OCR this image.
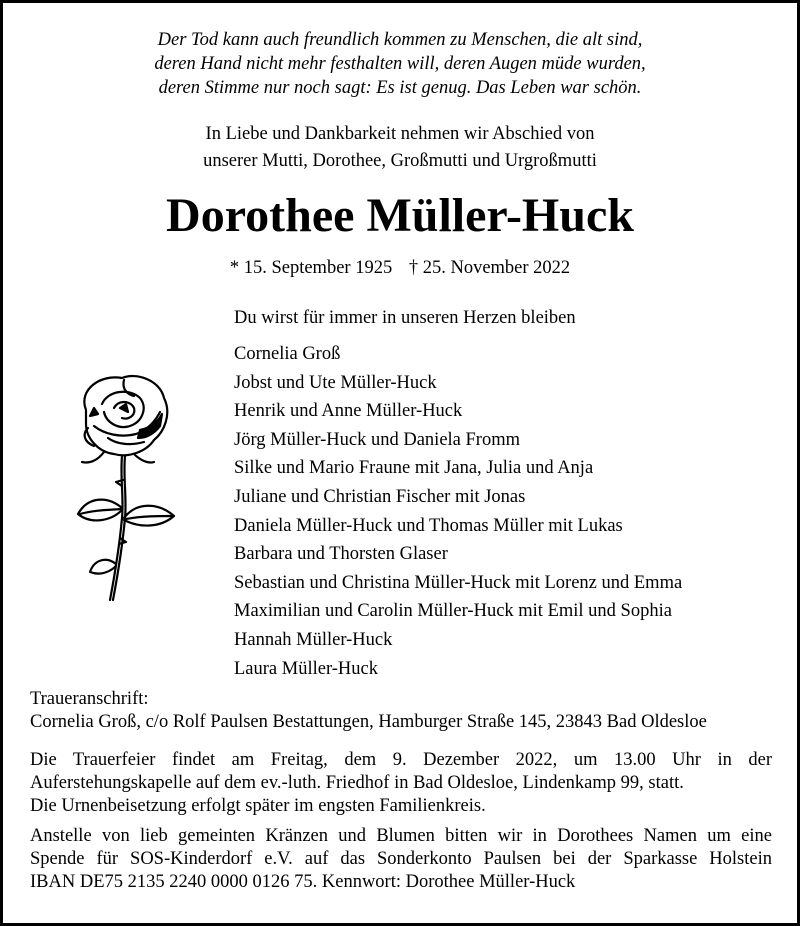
Der Tod kann auch freundlich kommen zu Menschen, die alt sind,
deren Hand nicht mehr festhalten will, deren Augen müde wurden,
deren Stimme nur noch sagt: Es ist genug. Das Leben war schön.
In Liebe und Dankbarkeit nehmen wir Abschied von
unserer Mutti, Dorothee, Großmutti und Urgroßmutti
Dorothee Müller-Huck
* 15. September 1925 † 25. November 2022
Du wirst für immer in unseren Herzen bleiben
Cornelia Groß
Jobst und Ute Müller-Huck
Henrik und Anne Müller-Huck
Jörg Müller-Huck und Daniela Fromm
Silke und Mario Fraune mit Jana, Julia und Anja
Juliane und Christian Fischer mit Jonas
Daniela Müller-Huck und Thomas Müller mit Lukas
Barbara und Thorsten Glaser
Sebastian und Christina Müller-Huck mit Lorenz und Emma
Maximilian und Carolin Müller-Huck mit Emil und Sophia
Hannah Müller-Huck
Laura Müller-Huck
Traueranschrift:
Cornelia Groß, c/o Rolf Paulsen Bestattungen, Hamburger Straße 145, 23843 Bad Oldesloe
Die Trauerfeier findet am Freitag, dem 9. Dezember 2022, um 13.00 Uhr in der
Auferstehungskapelle auf dem ev.-luth. Friedhof in Bad Oldesloe, Lindenkamp 99, statt.
Die Urnenbeisetzung erfolgt später im engsten Familienkreis.
Anstelle von lieb gemeinten Kränzen und Blumen bitten wir in Dorothees Namen um eine
Spende für SOS-Kinderdorf e.V. auf das Sonderkonto Paulsen bei der Sparkasse Holstein
IBAN DE75 2135 2240 0000 0126 75. Kennwort: Dorothee Müller-Huck
